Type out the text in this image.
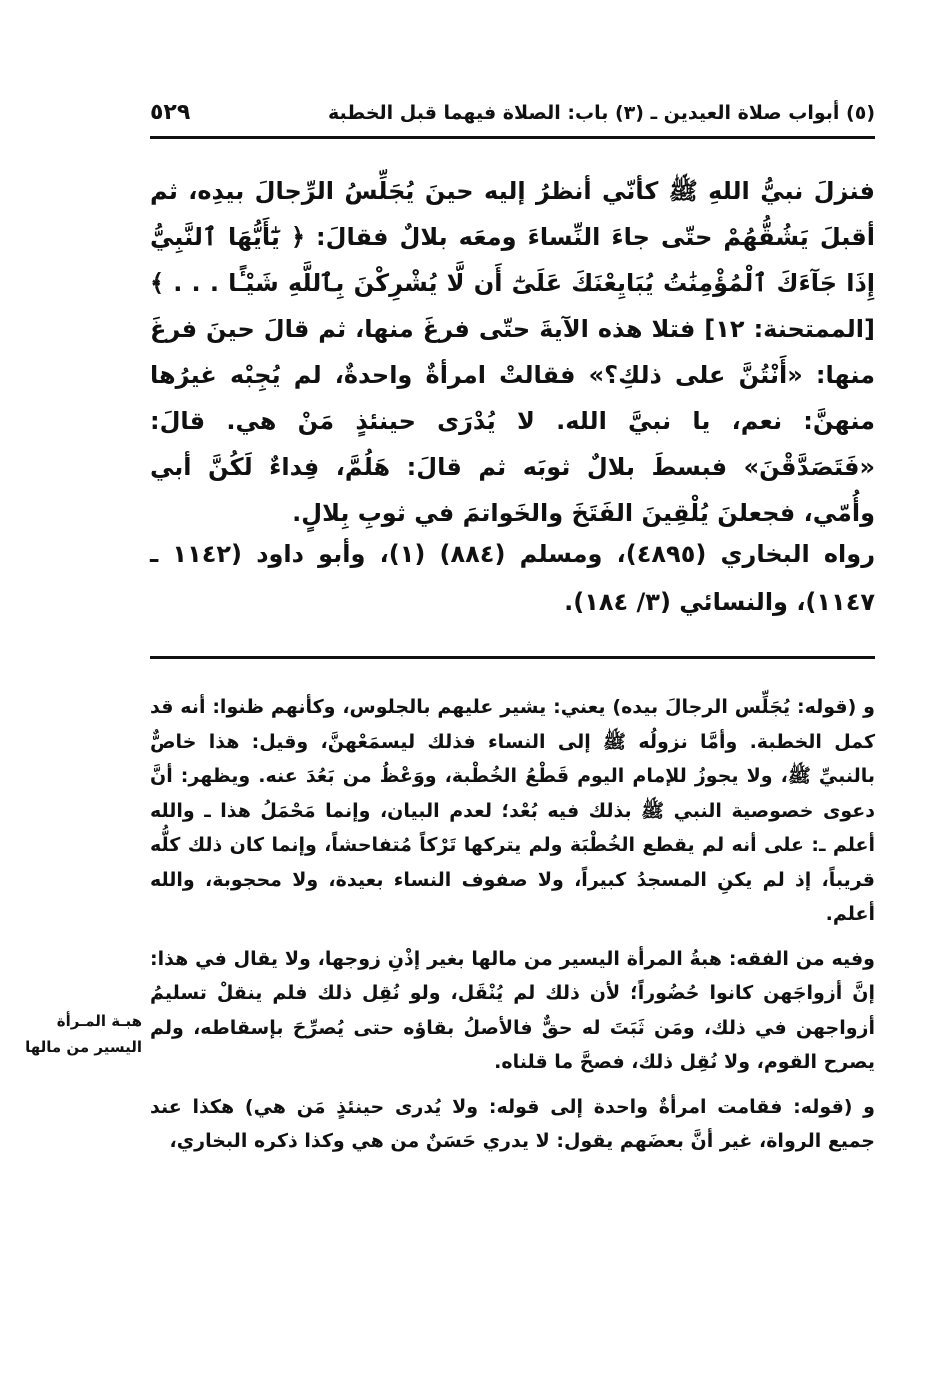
(٥) أبواب صلاة العيدين ـ (٣) باب: الصلاة فيهما قبل الخطبة
٥٢٩

فنزلَ نبيُّ اللهِ ﷺ كأنّي أنظرُ إليه حينَ يُجَلِّسُ الرِّجالَ بيدِه، ثم أقبلَ يَشُقُّهُمْ حتّى جاءَ النِّساءَ ومعَه بلالٌ فقالَ: ﴿ يَٰٓأَيُّهَا ٱلنَّبِيُّ إِذَا جَآءَكَ ٱلْمُؤْمِنَٰتُ يُبَايِعْنَكَ عَلَىٰٓ أَن لَّا يُشْرِكْنَ بِٱللَّهِ شَيْـًٔا . . . ﴾ [الممتحنة: ١٢] فتلا هذه الآيةَ حتّى فرغَ منها، ثم قالَ حينَ فرغَ منها: «أَنْتُنَّ على ذلكِ؟» فقالتْ امرأةٌ واحدةٌ، لم يُجِبْه غيرُها منهنَّ: نعم، يا نبيَّ الله. لا يُدْرَى حينئذٍ مَنْ هي. قالَ: «فَتَصَدَّقْنَ» فبسطَ بلالٌ ثوبَه ثم قالَ: هَلُمَّ، فِداءٌ لَكُنَّ أبي وأُمّي، فجعلنَ يُلْقِينَ الفَتَخَ والخَواتمَ في ثوبِ بِلالٍ.

رواه البخاري (٤٨٩٥)، ومسلم (٨٨٤) (١)، وأبو داود (١١٤٢ ـ ١١٤٧)، والنسائي (٣/ ١٨٤).

و (قوله: يُجَلِّس الرجالَ بيده) يعني: يشير عليهم بالجلوس، وكأنهم ظنوا: أنه قد كمل الخطبة. وأمَّا نزولُه ﷺ إلى النساء فذلك ليسمَعْهنَّ، وقيل: هذا خاصٌّ بالنبيِّ ﷺ، ولا يجوزُ للإمام اليوم قَطْعُ الخُطْبة، ووَعْظُ من بَعُدَ عنه. ويظهر: أنَّ دعوى خصوصية النبي ﷺ بذلك فيه بُعْد؛ لعدم البيان، وإنما مَحْمَلُ هذا ـ والله أعلم ـ: على أنه لم يقطع الخُطْبَة ولم يتركها تَرْكاً مُتفاحشاً، وإنما كان ذلك كلُّه قريباً، إذ لم يكنِ المسجدُ كبيراً، ولا صفوف النساء بعيدة، ولا محجوبة، والله أعلم.

وفيه من الفقه: هبةُ المرأة اليسير من مالها بغير إذْنِ زوجها، ولا يقال في هذا: إنَّ أزواجَهن كانوا حُضُوراً؛ لأن ذلك لم يُنْقَل، ولو نُقِل ذلك فلم ينقلْ تسليمُ أزواجهن في ذلك، ومَن ثَبَتَ له حقٌّ فالأصلُ بقاؤه حتى يُصرِّحَ بإسقاطه، ولم يصرح القوم، ولا نُقِل ذلك، فصحَّ ما قلناه.

و (قوله: فقامت امرأةٌ واحدة إلى قوله: ولا يُدرى حينئذٍ مَن هي) هكذا عند جميع الرواة، غير أنَّ بعضَهم يقول: لا يدري حَسَنٌ من هي وكذا ذكره البخاري،

هبـة المـرأة اليسير من مالها
